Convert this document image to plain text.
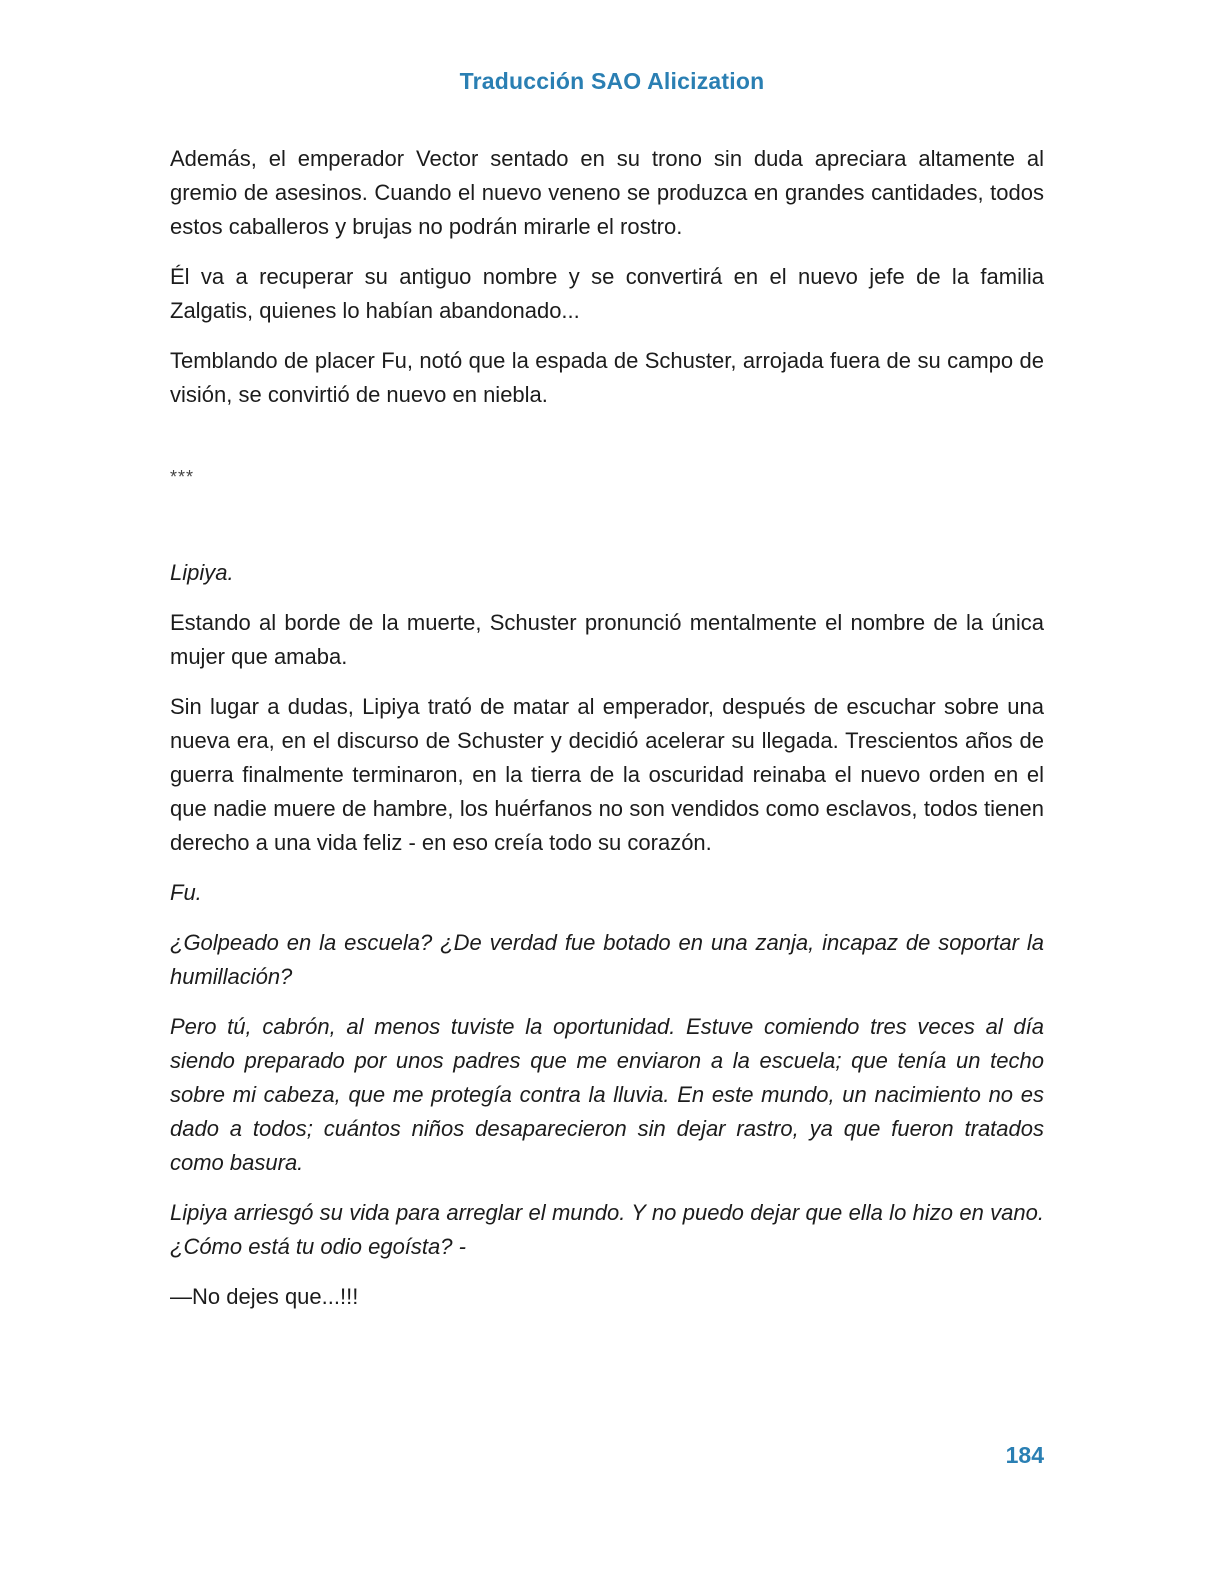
Traducción SAO Alicization

Además, el emperador Vector sentado en su trono sin duda apreciara altamente al gremio de asesinos. Cuando el nuevo veneno se produzca en grandes cantidades, todos estos caballeros y brujas no podrán mirarle el rostro.

Él va a recuperar su antiguo nombre y se convertirá en el nuevo jefe de la familia Zalgatis, quienes lo habían abandonado...

Temblando de placer Fu, notó que la espada de Schuster, arrojada fuera de su campo de visión, se convirtió de nuevo en niebla.

***

Lipiya.

Estando al borde de la muerte, Schuster pronunció mentalmente el nombre de la única mujer que amaba.

Sin lugar a dudas, Lipiya trató de matar al emperador, después de escuchar sobre una nueva era, en el discurso de Schuster y decidió acelerar su llegada. Trescientos años de guerra finalmente terminaron, en la tierra de la oscuridad reinaba el nuevo orden en el que nadie muere de hambre, los huérfanos no son vendidos como esclavos, todos tienen derecho a una vida feliz - en eso creía todo su corazón.

Fu.

¿Golpeado en la escuela? ¿De verdad fue botado en una zanja, incapaz de soportar la humillación?

Pero tú, cabrón, al menos tuviste la oportunidad. Estuve comiendo tres veces al día siendo preparado por unos padres que me enviaron a la escuela; que tenía un techo sobre mi cabeza, que me protegía contra la lluvia. En este mundo, un nacimiento no es dado a todos; cuántos niños desaparecieron sin dejar rastro, ya que fueron tratados como basura.

Lipiya arriesgó su vida para arreglar el mundo. Y no puedo dejar que ella lo hizo en vano. ¿Cómo está tu odio egoísta? -

—No dejes que...!!!

184
